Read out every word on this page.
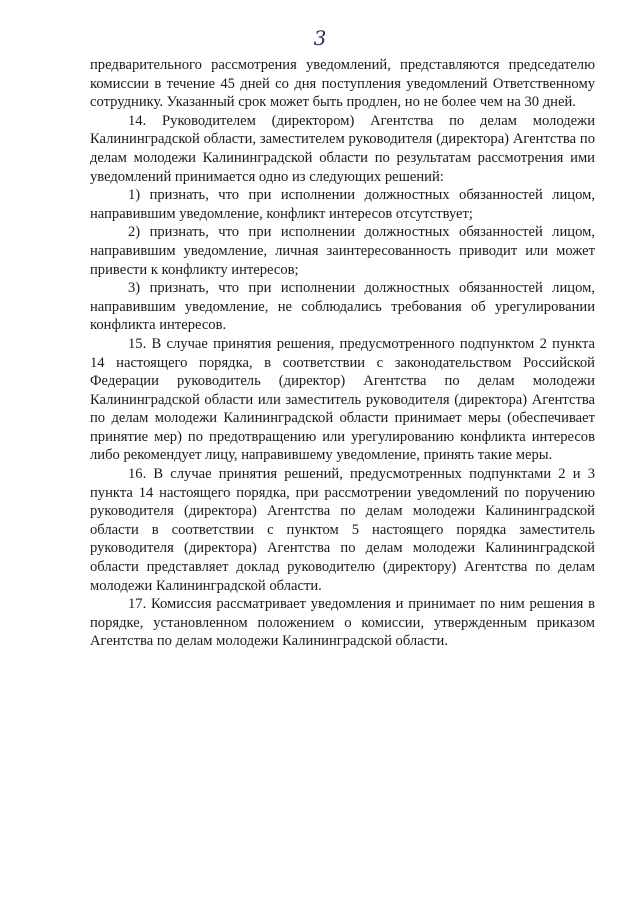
3

предварительного рассмотрения уведомлений, представляются председателю комиссии в течение 45 дней со дня поступления уведомлений Ответственному сотруднику. Указанный срок может быть продлен, но не более чем на 30 дней.

14. Руководителем (директором) Агентства по делам молодежи Калининградской области, заместителем руководителя (директора) Агентства по делам молодежи Калининградской области по результатам рассмотрения ими уведомлений принимается одно из следующих решений:

1) признать, что при исполнении должностных обязанностей лицом, направившим уведомление, конфликт интересов отсутствует;

2) признать, что при исполнении должностных обязанностей лицом, направившим уведомление, личная заинтересованность приводит или может привести к конфликту интересов;

3) признать, что при исполнении должностных обязанностей лицом, направившим уведомление, не соблюдались требования об урегулировании конфликта интересов.

15. В случае принятия решения, предусмотренного подпунктом 2 пункта 14 настоящего порядка, в соответствии с законодательством Российской Федерации руководитель (директор) Агентства по делам молодежи Калининградской области или заместитель руководителя (директора) Агентства по делам молодежи Калининградской области принимает меры (обеспечивает принятие мер) по предотвращению или урегулированию конфликта интересов либо рекомендует лицу, направившему уведомление, принять такие меры.

16. В случае принятия решений, предусмотренных подпунктами 2 и 3 пункта 14 настоящего порядка, при рассмотрении уведомлений по поручению руководителя (директора) Агентства по делам молодежи Калининградской области в соответствии с пунктом 5 настоящего порядка заместитель руководителя (директора) Агентства по делам молодежи Калининградской области представляет доклад руководителю (директору) Агентства по делам молодежи Калининградской области.

17. Комиссия рассматривает уведомления и принимает по ним решения в порядке, установленном положением о комиссии, утвержденным приказом Агентства по делам молодежи Калининградской области.
